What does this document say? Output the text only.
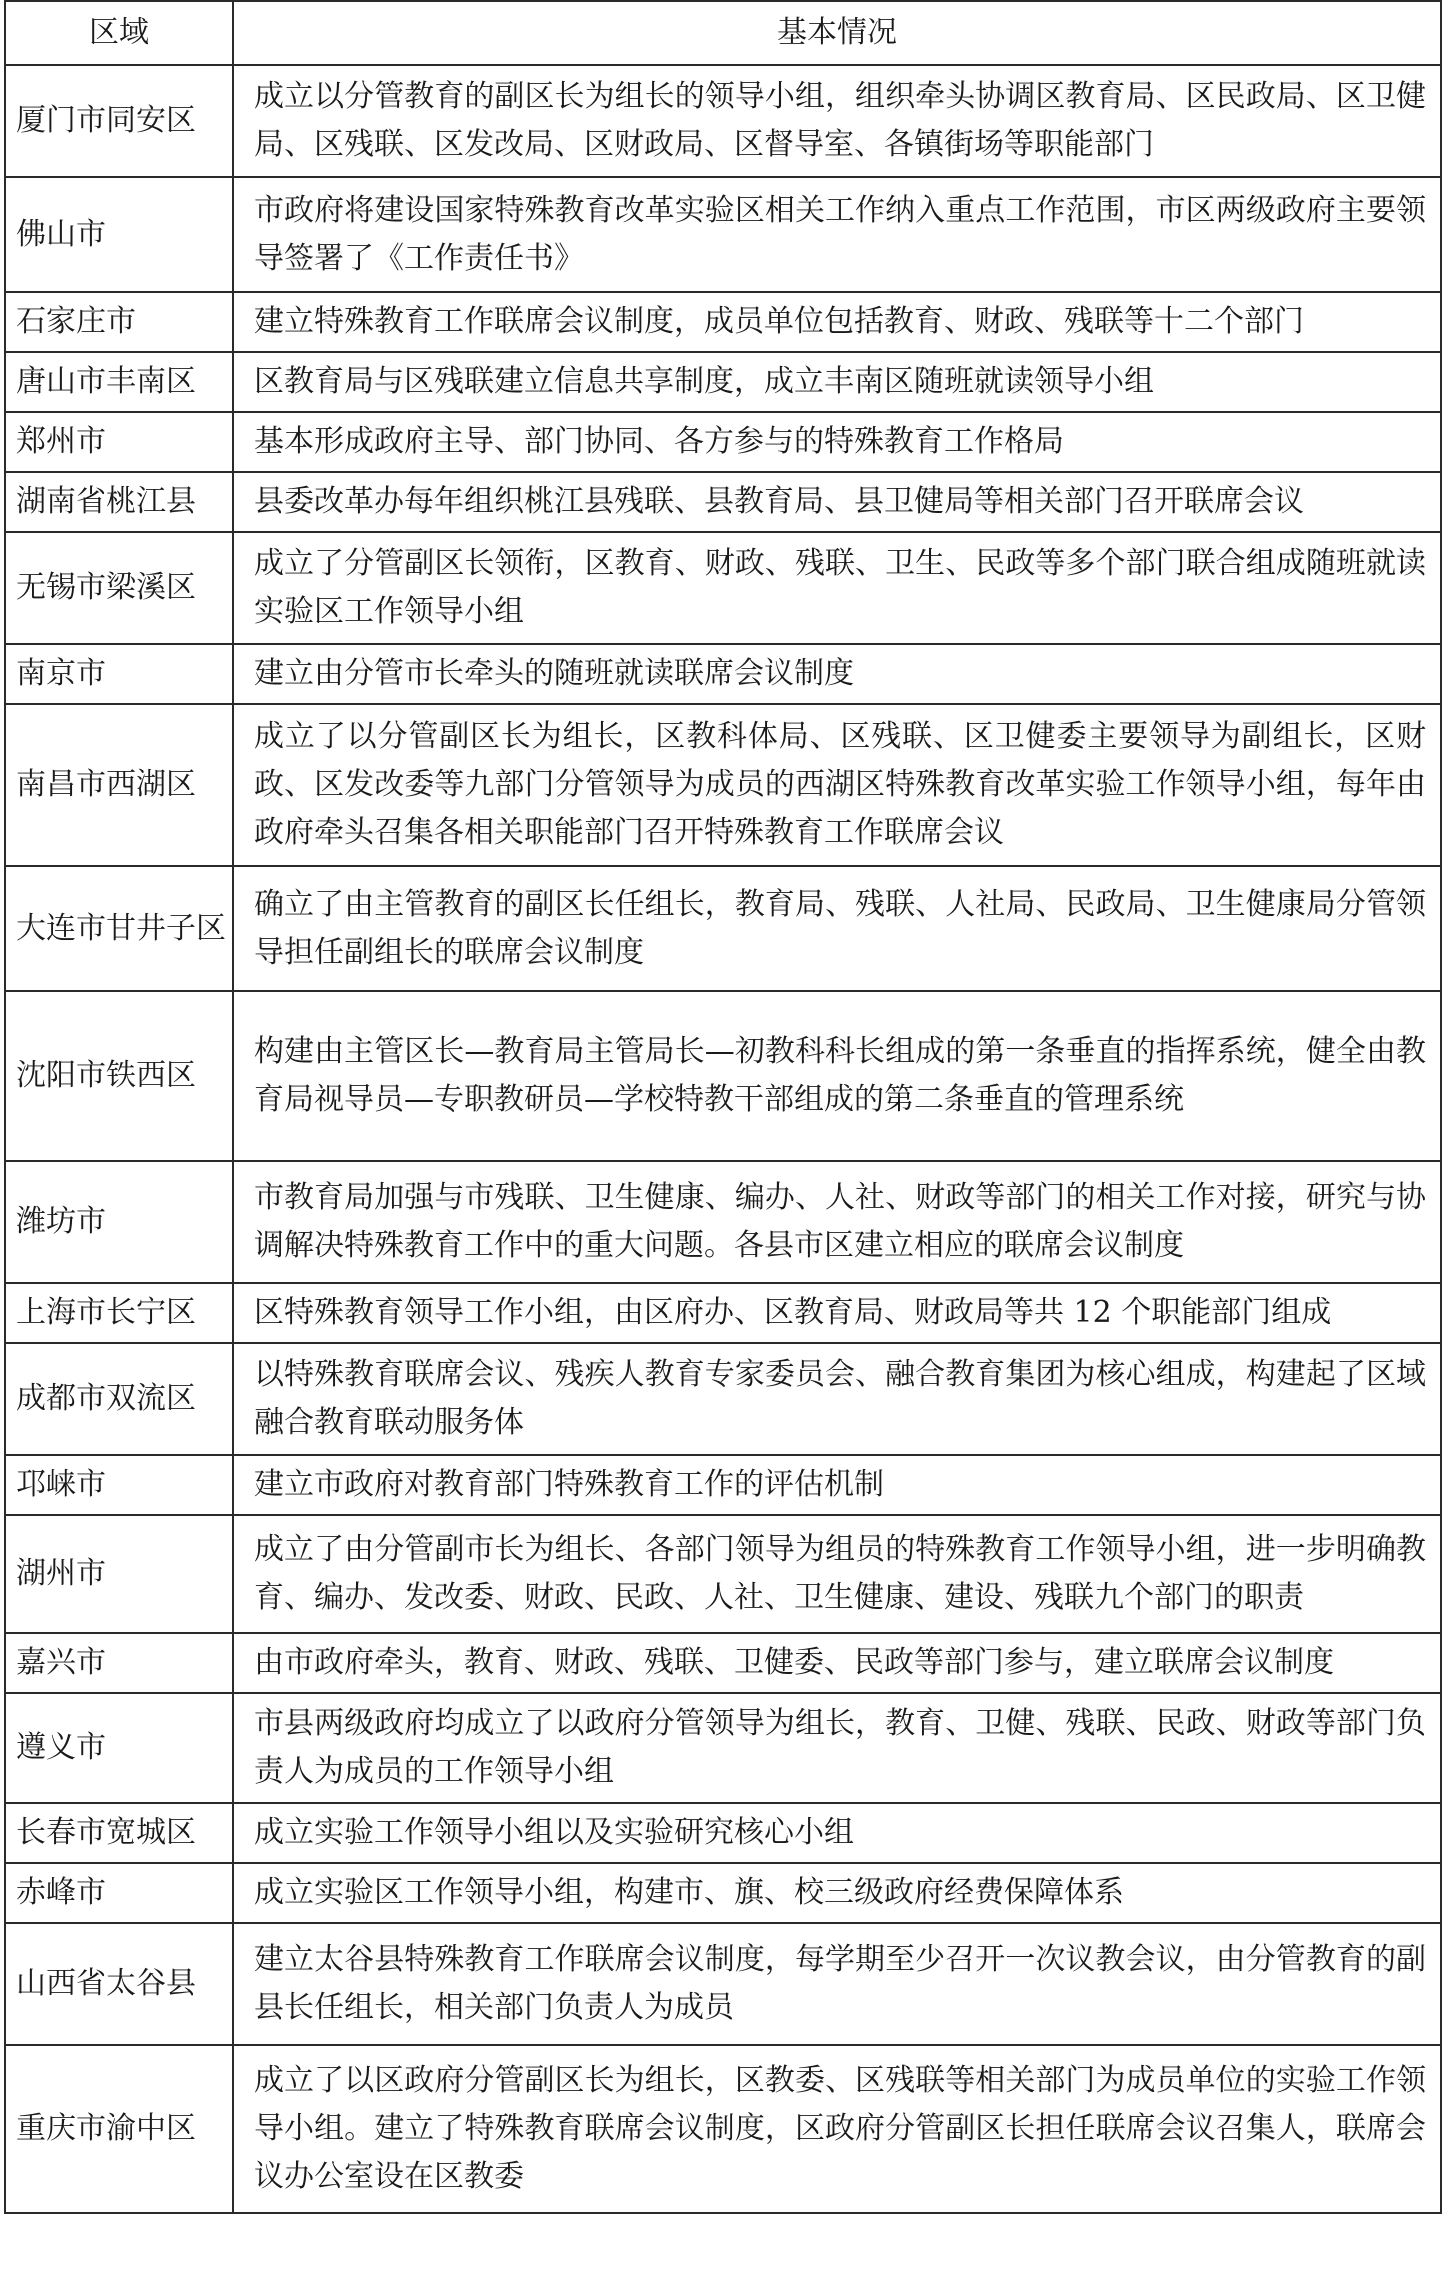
区域	基本情况
厦门市同安区	成立以分管教育的副区长为组长的领导小组，组织牵头协调区教育局、区民政局、区卫健局、区残联、区发改局、区财政局、区督导室、各镇街场等职能部门
佛山市	市政府将建设国家特殊教育改革实验区相关工作纳入重点工作范围，市区两级政府主要领导签署了《工作责任书》
石家庄市	建立特殊教育工作联席会议制度，成员单位包括教育、财政、残联等十二个部门
唐山市丰南区	区教育局与区残联建立信息共享制度，成立丰南区随班就读领导小组
郑州市	基本形成政府主导、部门协同、各方参与的特殊教育工作格局
湖南省桃江县	县委改革办每年组织桃江县残联、县教育局、县卫健局等相关部门召开联席会议
无锡市梁溪区	成立了分管副区长领衔，区教育、财政、残联、卫生、民政等多个部门联合组成随班就读实验区工作领导小组
南京市	建立由分管市长牵头的随班就读联席会议制度
南昌市西湖区	成立了以分管副区长为组长，区教科体局、区残联、区卫健委主要领导为副组长，区财政、区发改委等九部门分管领导为成员的西湖区特殊教育改革实验工作领导小组，每年由政府牵头召集各相关职能部门召开特殊教育工作联席会议
大连市甘井子区	确立了由主管教育的副区长任组长，教育局、残联、人社局、民政局、卫生健康局分管领导担任副组长的联席会议制度
沈阳市铁西区	构建由主管区长—教育局主管局长—初教科科长组成的第一条垂直的指挥系统，健全由教育局视导员—专职教研员—学校特教干部组成的第二条垂直的管理系统
潍坊市	市教育局加强与市残联、卫生健康、编办、人社、财政等部门的相关工作对接，研究与协调解决特殊教育工作中的重大问题。各县市区建立相应的联席会议制度
上海市长宁区	区特殊教育领导工作小组，由区府办、区教育局、财政局等共 12 个职能部门组成
成都市双流区	以特殊教育联席会议、残疾人教育专家委员会、融合教育集团为核心组成，构建起了区域融合教育联动服务体
邛崃市	建立市政府对教育部门特殊教育工作的评估机制
湖州市	成立了由分管副市长为组长、各部门领导为组员的特殊教育工作领导小组，进一步明确教育、编办、发改委、财政、民政、人社、卫生健康、建设、残联九个部门的职责
嘉兴市	由市政府牵头，教育、财政、残联、卫健委、民政等部门参与，建立联席会议制度
遵义市	市县两级政府均成立了以政府分管领导为组长，教育、卫健、残联、民政、财政等部门负责人为成员的工作领导小组
长春市宽城区	成立实验工作领导小组以及实验研究核心小组
赤峰市	成立实验区工作领导小组，构建市、旗、校三级政府经费保障体系
山西省太谷县	建立太谷县特殊教育工作联席会议制度，每学期至少召开一次议教会议，由分管教育的副县长任组长，相关部门负责人为成员
重庆市渝中区	成立了以区政府分管副区长为组长，区教委、区残联等相关部门为成员单位的实验工作领导小组。建立了特殊教育联席会议制度，区政府分管副区长担任联席会议召集人，联席会议办公室设在区教委
